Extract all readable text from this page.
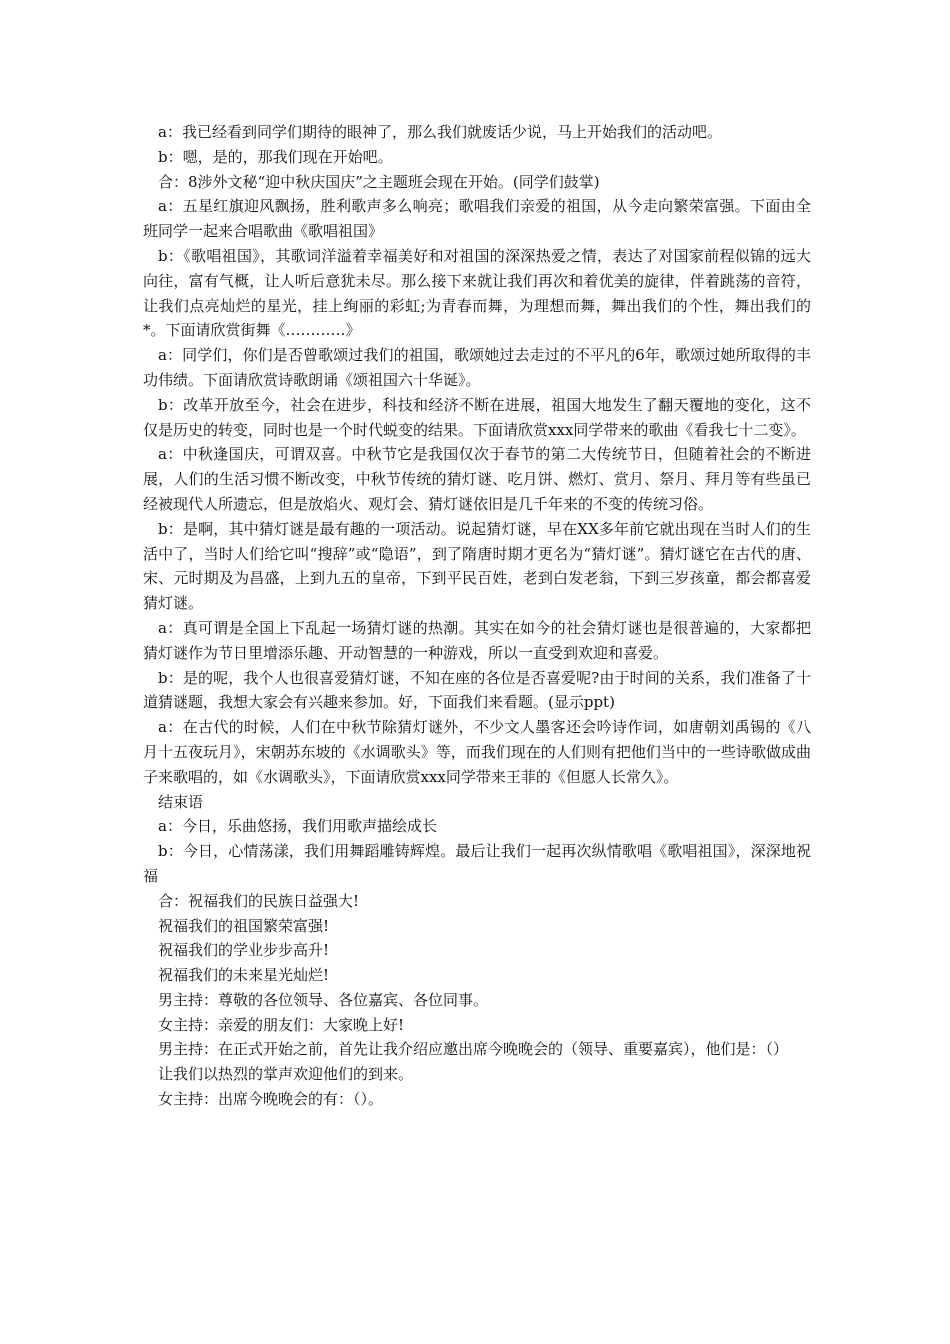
a：我已经看到同学们期待的眼神了，那么我们就废话少说，马上开始我们的活动吧。

b：嗯，是的，那我们现在开始吧。

合：8涉外文秘“迎中秋庆国庆”之主题班会现在开始。(同学们鼓掌)

a：五星红旗迎风飘扬，胜利歌声多么响亮；歌唱我们亲爱的祖国，从今走向繁荣富强。下面由全班同学一起来合唱歌曲《歌唱祖国》

b：《歌唱祖国》，其歌词洋溢着幸福美好和对祖国的深深热爱之情，表达了对国家前程似锦的远大向往，富有气概，让人听后意犹未尽。那么接下来就让我们再次和着优美的旋律，伴着跳荡的音符，让我们点亮灿烂的星光，挂上绚丽的彩虹;为青春而舞，为理想而舞，舞出我们的个性，舞出我们的*。下面请欣赏街舞《…………》

a：同学们，你们是否曾歌颂过我们的祖国，歌颂她过去走过的不平凡的6年，歌颂过她所取得的丰功伟绩。下面请欣赏诗歌朗诵《颂祖国六十华诞》。

b：改革开放至今，社会在进步，科技和经济不断在进展，祖国大地发生了翻天覆地的变化，这不仅是历史的转变，同时也是一个时代蜕变的结果。下面请欣赏xxx同学带来的歌曲《看我七十二变》。

a：中秋逢国庆，可谓双喜。中秋节它是我国仅次于春节的第二大传统节日，但随着社会的不断进展，人们的生活习惯不断改变，中秋节传统的猜灯谜、吃月饼、燃灯、赏月、祭月、拜月等有些虽已经被现代人所遗忘，但是放焰火、观灯会、猜灯谜依旧是几千年来的不变的传统习俗。

b：是啊，其中猜灯谜是最有趣的一项活动。说起猜灯谜，早在XX多年前它就出现在当时人们的生活中了，当时人们给它叫“搜辞”或“隐语”，到了隋唐时期才更名为“猜灯谜”。猜灯谜它在古代的唐、宋、元时期及为昌盛，上到九五的皇帝，下到平民百姓，老到白发老翁，下到三岁孩童，都会都喜爱猜灯谜。

a：真可谓是全国上下乱起一场猜灯谜的热潮。其实在如今的社会猜灯谜也是很普遍的，大家都把猜灯谜作为节日里增添乐趣、开动智慧的一种游戏，所以一直受到欢迎和喜爱。

b：是的呢，我个人也很喜爱猜灯谜，不知在座的各位是否喜爱呢?由于时间的关系，我们准备了十道猜谜题，我想大家会有兴趣来参加。好，下面我们来看题。(显示ppt)

a：在古代的时候，人们在中秋节除猜灯谜外，不少文人墨客还会吟诗作词，如唐朝刘禹锡的《八月十五夜玩月》，宋朝苏东坡的《水调歌头》等，而我们现在的人们则有把他们当中的一些诗歌做成曲子来歌唱的，如《水调歌头》，下面请欣赏xxx同学带来王菲的《但愿人长常久》。

结束语

a：今日，乐曲悠扬，我们用歌声描绘成长

b：今日，心情荡漾，我们用舞蹈雕铸辉煌。最后让我们一起再次纵情歌唱《歌唱祖国》，深深地祝福

合：祝福我们的民族日益强大!

祝福我们的祖国繁荣富强!

祝福我们的学业步步高升!

祝福我们的未来星光灿烂!

男主持：尊敬的各位领导、各位嘉宾、各位同事。

女主持：亲爱的朋友们：大家晚上好!

男主持：在正式开始之前，首先让我介绍应邀出席今晚晚会的（领导、重要嘉宾），他们是：（）

让我们以热烈的掌声欢迎他们的到来。

女主持：出席今晚晚会的有：（）。
